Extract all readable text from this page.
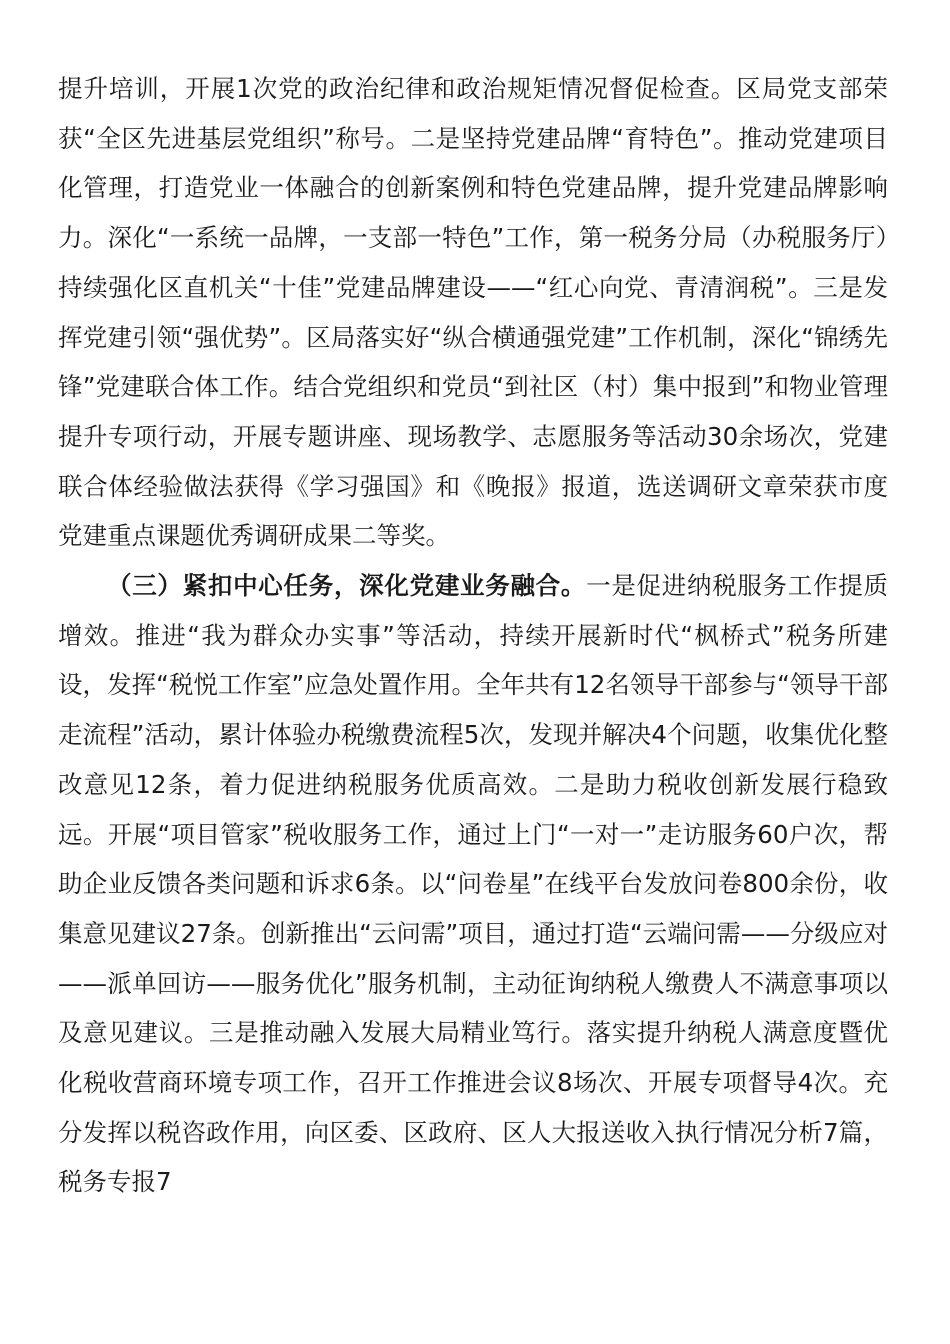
提升培训，开展1次党的政治纪律和政治规矩情况督促检查。区局党支部荣获“全区先进基层党组织”称号。二是坚持党建品牌“育特色”。推动党建项目化管理，打造党业一体融合的创新案例和特色党建品牌，提升党建品牌影响力。深化“一系统一品牌，一支部一特色”工作，第一税务分局（办税服务厅）持续强化区直机关“十佳”党建品牌建设——“红心向党、青清润税”。三是发挥党建引领“强优势”。区局落实好“纵合横通强党建”工作机制，深化“锦绣先锋”党建联合体工作。结合党组织和党员“到社区（村）集中报到”和物业管理提升专项行动，开展专题讲座、现场教学、志愿服务等活动30余场次，党建联合体经验做法获得《学习强国》和《晚报》报道，选送调研文章荣获市度党建重点课题优秀调研成果二等奖。

（三）紧扣中心任务，深化党建业务融合。一是促进纳税服务工作提质增效。推进“我为群众办实事”等活动，持续开展新时代“枫桥式”税务所建设，发挥“税悦工作室”应急处置作用。全年共有12名领导干部参与“领导干部走流程”活动，累计体验办税缴费流程5次，发现并解决4个问题，收集优化整改意见12条，着力促进纳税服务优质高效。二是助力税收创新发展行稳致远。开展“项目管家”税收服务工作，通过上门“一对一”走访服务60户次，帮助企业反馈各类问题和诉求6条。以“问卷星”在线平台发放问卷800余份，收集意见建议27条。创新推出“云问需”项目，通过打造“云端问需——分级应对——派单回访——服务优化”服务机制，主动征询纳税人缴费人不满意事项以及意见建议。三是推动融入发展大局精业笃行。落实提升纳税人满意度暨优化税收营商环境专项工作，召开工作推进会议8场次、开展专项督导4次。充分发挥以税咨政作用，向区委、区政府、区人大报送收入执行情况分析7篇，税务专报7
